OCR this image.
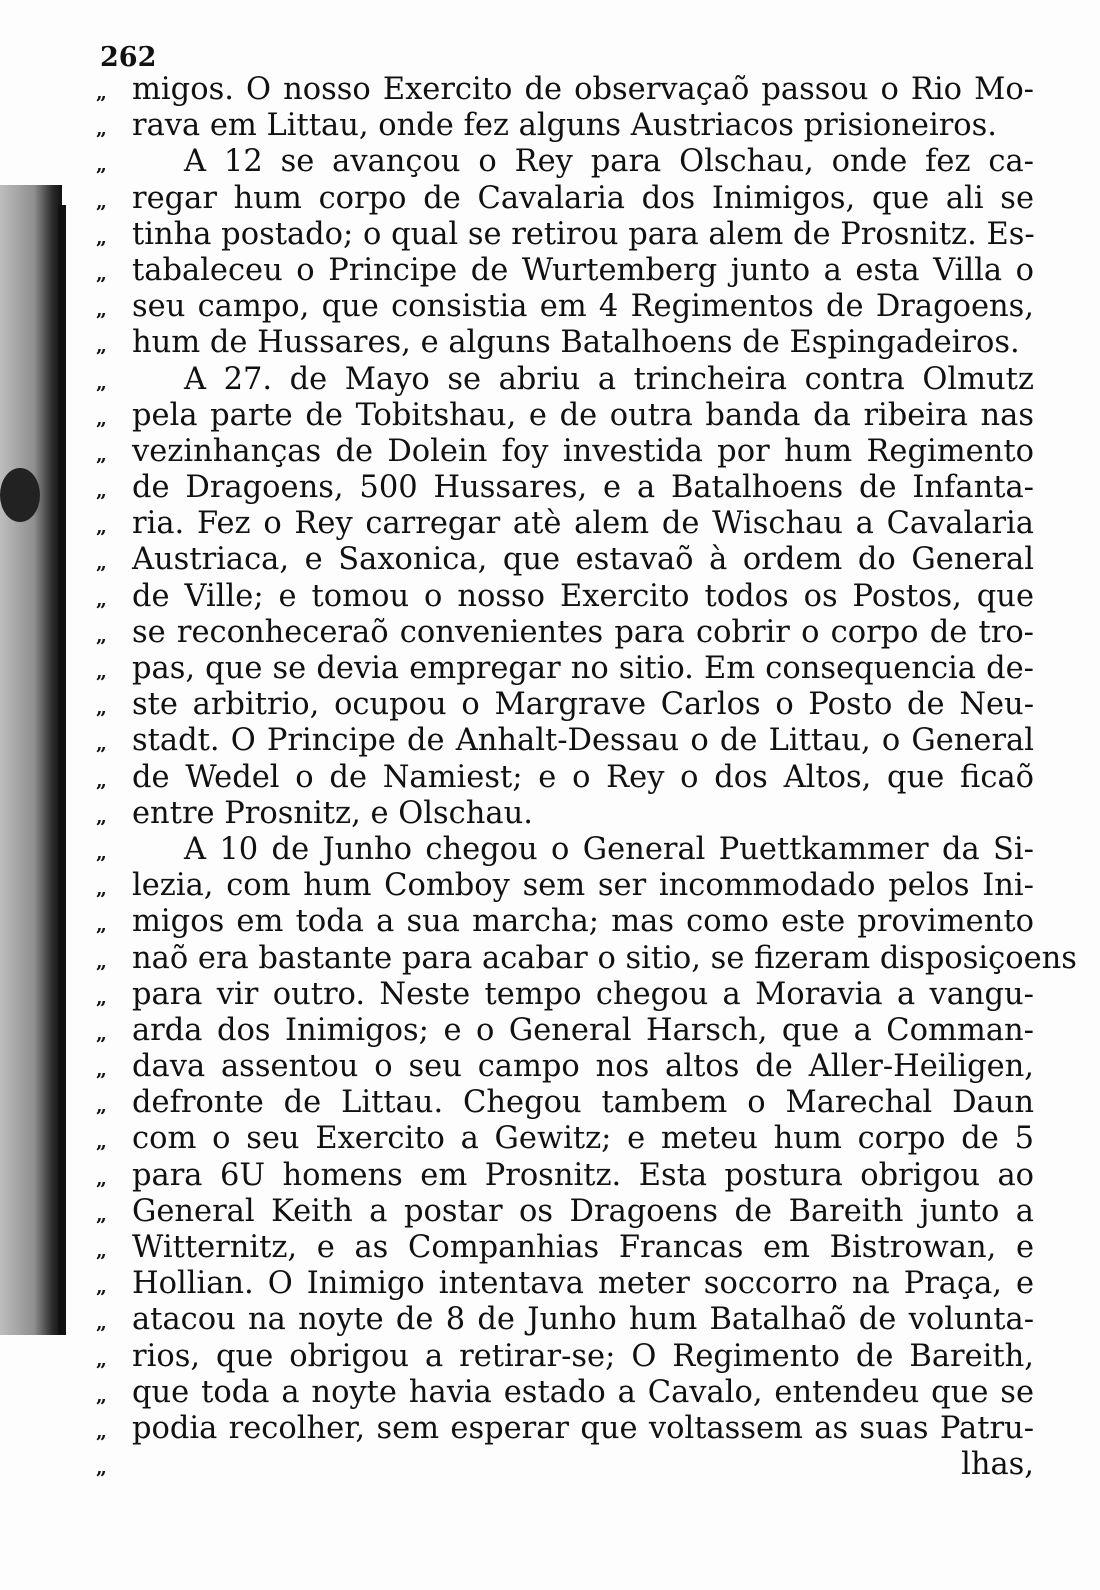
262
„ migos. O nosso Exercito de observaçaõ passou o Rio Mo-
„ rava em Littau, onde fez alguns Austriacos prisioneiros.
„	A 12 se avançou o Rey para Olschau, onde fez ca-
„ regar hum corpo de Cavalaria dos Inimigos, que ali se
„ tinha postado; o qual se retirou para alem de Prosnitz. Es-
„ tabaleceu o Principe de Wurtemberg junto a esta Villa o
„ seu campo, que consistia em 4 Regimentos de Dragoens,
„ hum de Hussares, e alguns Batalhoens de Espingadeiros.
„	A 27. de Mayo se abriu a trincheira contra Olmutz
„ pela parte de Tobitshau, e de outra banda da ribeira nas
„ vezinhanças de Dolein foy investida por hum Regimento
„ de Dragoens, 500 Hussares, e a Batalhoens de Infanta-
„ ria. Fez o Rey carregar atè alem de Wischau a Cavalaria
„ Austriaca, e Saxonica, que estavaõ à ordem do General
„ de Ville; e tomou o nosso Exercito todos os Postos, que
„ se reconheceraõ convenientes para cobrir o corpo de tro-
„ pas, que se devia empregar no sitio. Em consequencia de-
„ ste arbitrio, ocupou o Margrave Carlos o Posto de Neu-
„ stadt. O Principe de Anhalt-Dessau o de Littau, o General
„ de Wedel o de Namiest; e o Rey o dos Altos, que ficaõ
„ entre Prosnitz, e Olschau.
„	A 10 de Junho chegou o General Puettkammer da Si-
„ lezia, com hum Comboy sem ser incommodado pelos Ini-
„ migos em toda a sua marcha; mas como este provimento
„ naõ era bastante para acabar o sitio, se fizeram disposiçoens
„ para vir outro. Neste tempo chegou a Moravia a vangu-
„ arda dos Inimigos; e o General Harsch, que a Comman-
„ dava assentou o seu campo nos altos de Aller-Heiligen,
„ defronte de Littau. Chegou tambem o Marechal Daun
„ com o seu Exercito a Gewitz; e meteu hum corpo de 5
„ para 6U homens em Prosnitz. Esta postura obrigou ao
„ General Keith a postar os Dragoens de Bareith junto a
„ Witternitz, e as Companhias Francas em Bistrowan, e
„ Hollian. O Inimigo intentava meter soccorro na Praça, e
„ atacou na noyte de 8 de Junho hum Batalhaõ de volunta-
„ rios, que obrigou a retirar-se; O Regimento de Bareith,
„ que toda a noyte havia estado a Cavalo, entendeu que se
„ podia recolher, sem esperar que voltassem as suas Patru-
„	lhas,
